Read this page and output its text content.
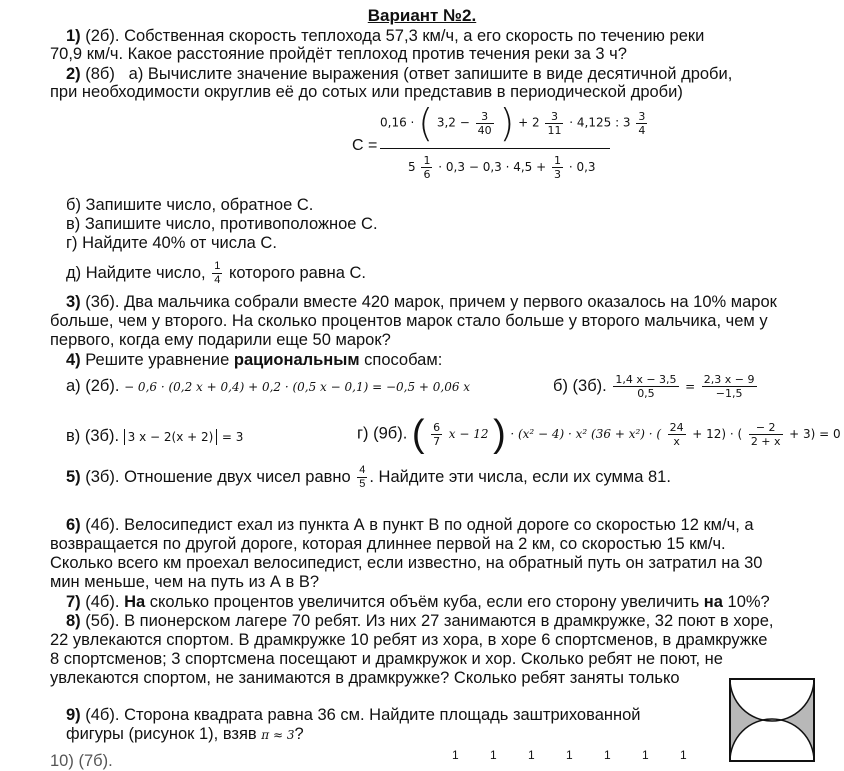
Вариант №2.
1) (2б). Собственная скорость теплохода 57,3 км/ч, а его скорость по течению реки
70,9 км/ч. Какое расстояние пройдёт теплоход против течения реки за 3 ч?
2) (8б) а) Вычислите значение выражения (ответ запишите в виде десятичной дроби,
при необходимости округлив её до сотых или представив в периодической дроби)
С =
0,16 · ( $3,2 - \frac{3}{40}$ ) + $2 \frac{3}{11} \cdot 4,125$ : $3 \frac{3}{4}$
$5 \frac{1}{6} \cdot 0,3 - 0,3 \cdot 4,5 + \frac{1}{3} \cdot 0,3$
б) Запишите число, обратное С.
в) Запишите число, противоположное С.
г) Найдите 40% от числа С.
д) Найдите число, $\frac{1}{4}$ которого равна С.
3) (3б). Два мальчика собрали вместе 420 марок, причем у первого оказалось на 10% марок
больше, чем у второго. На сколько процентов марок стало больше у второго мальчика, чем у
первого, когда ему подарили еще 50 марок?
4) Решите уравнение рациональным способам:
а) (2б). − 0,6 · (0,2 x + 0,4) + 0,2 · (0,5 x − 0,1) = −0,5 + 0,06 x	б) (3б). $\frac{1,4 x - 3,5}{0,5} = \frac{2,3 x - 9}{-1,5}$
в) (3б). 3 x − 2(x + 2) = 3	г) (9б). ( $\frac{6}{7}$ x − 12 ) · (x² − 4) · x² (36 + x²) · ( $\frac{24}{x} + 12$) · ( $\frac{- 2}{2 + x} + 3) = 0$
5) (3б). Отношение двух чисел равно $\frac{4}{5}$ . Найдите эти числа, если их сумма 81.
6) (4б). Велосипедист ехал из пункта А в пункт В по одной дороге со скоростью 12 км/ч, а
возвращается по другой дороге, которая длиннее первой на 2 км, со скоростью 15 км/ч.
Сколько всего км проехал велосипедист, если известно, на обратный путь он затратил на 30
мин меньше, чем на путь из А в В?
7) (4б). На сколько процентов увеличится объём куба, если его сторону увеличить на 10%?
8) (5б). В пионерском лагере 70 ребят. Из них 27 занимаются в драмкружке, 32 поют в хоре,
22 увлекаются спортом. В драмкружке 10 ребят из хора, в хоре 6 спортсменов, в драмкружке
8 спортсменов; 3 спортсмена посещают и драмкружок и хор. Сколько ребят не поют, не
увлекаются спортом, не занимаются в драмкружке? Сколько ребят заняты только
9) (4б). Сторона квадрата равна 36 см. Найдите площадь заштрихованной
фигуры (рисунок 1), взяв π ≈ 3?
10) (7б).	1	1	1	1	1	1	1
